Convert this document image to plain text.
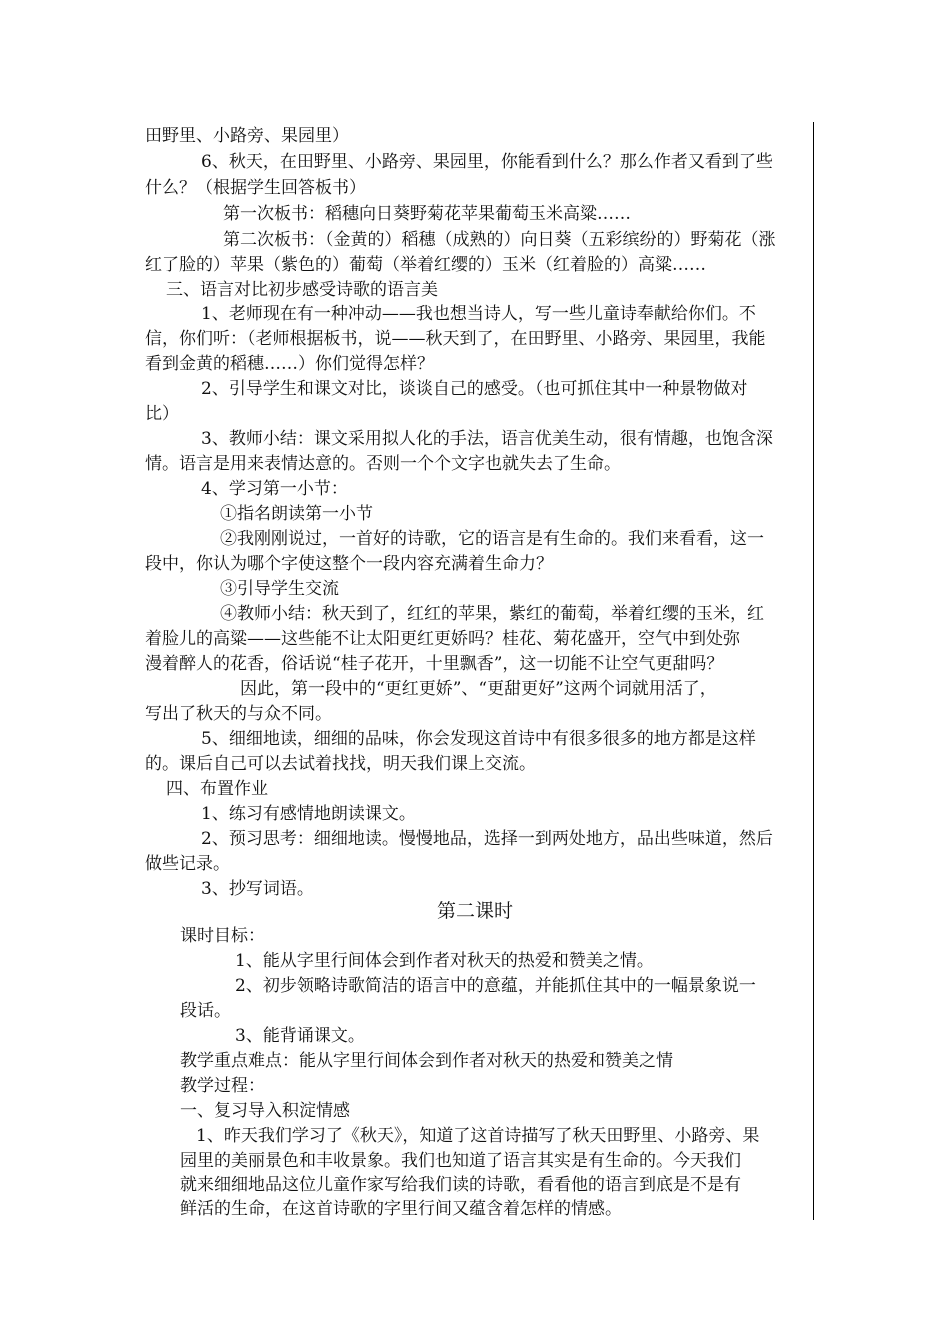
田野里、小路旁、果园里）
6、秋天，在田野里、小路旁、果园里，你能看到什么？那么作者又看到了些
什么？（根据学生回答板书）
第一次板书：稻穗向日葵野菊花苹果葡萄玉米高粱……
第二次板书：（金黄的）稻穗（成熟的）向日葵（五彩缤纷的）野菊花（涨
红了脸的）苹果（紫色的）葡萄（举着红缨的）玉米（红着脸的）高粱……
三、语言对比初步感受诗歌的语言美
1、老师现在有一种冲动——我也想当诗人，写一些儿童诗奉献给你们。不
信，你们听：（老师根据板书，说——秋天到了，在田野里、小路旁、果园里，我能
看到金黄的稻穗……）你们觉得怎样？
2、引导学生和课文对比，谈谈自己的感受。（也可抓住其中一种景物做对
比）
3、教师小结：课文采用拟人化的手法，语言优美生动，很有情趣，也饱含深
情。语言是用来表情达意的。否则一个个文字也就失去了生命。
4、学习第一小节：
①指名朗读第一小节
②我刚刚说过，一首好的诗歌，它的语言是有生命的。我们来看看，这一
段中，你认为哪个字使这整个一段内容充满着生命力？
③引导学生交流
④教师小结：秋天到了，红红的苹果，紫红的葡萄，举着红缨的玉米，红
着脸儿的高粱——这些能不让太阳更红更娇吗？桂花、菊花盛开，空气中到处弥
漫着醉人的花香，俗话说“桂子花开，十里飘香”，这一切能不让空气更甜吗？
因此，第一段中的“更红更娇”、“更甜更好”这两个词就用活了，
写出了秋天的与众不同。
5、细细地读，细细的品味，你会发现这首诗中有很多很多的地方都是这样
的。课后自己可以去试着找找，明天我们课上交流。
四、布置作业
1、练习有感情地朗读课文。
2、预习思考：细细地读。慢慢地品，选择一到两处地方，品出些味道，然后
做些记录。
3、抄写词语。
第二课时
课时目标：
1、能从字里行间体会到作者对秋天的热爱和赞美之情。
2、初步领略诗歌简洁的语言中的意蕴，并能抓住其中的一幅景象说一
段话。
3、能背诵课文。
教学重点难点：能从字里行间体会到作者对秋天的热爱和赞美之情
教学过程：
一、复习导入积淀情感
1、昨天我们学习了《秋天》，知道了这首诗描写了秋天田野里、小路旁、果
园里的美丽景色和丰收景象。我们也知道了语言其实是有生命的。今天我们
就来细细地品这位儿童作家写给我们读的诗歌，看看他的语言到底是不是有
鲜活的生命，在这首诗歌的字里行间又蕴含着怎样的情感。
